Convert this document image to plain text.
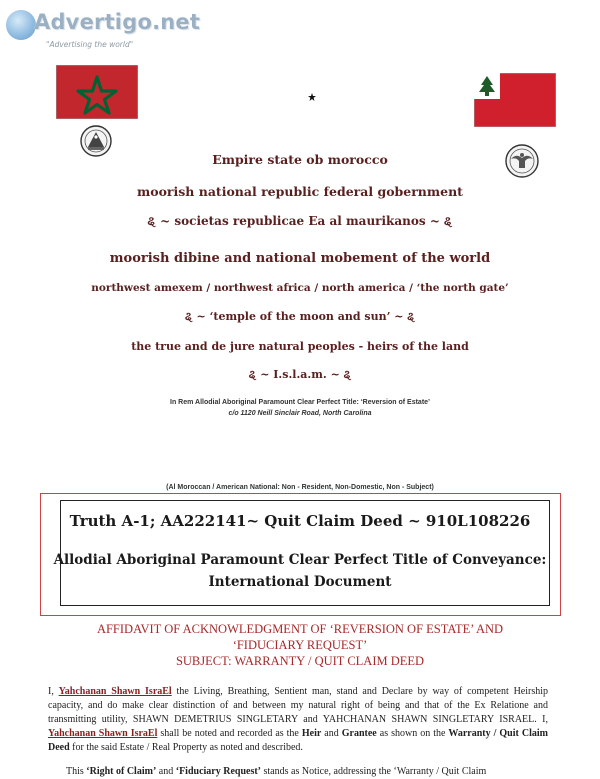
Advertigo.net
"Advertising the world"
Empire state ob morocco
moorish national republic federal gobernment
ୡ ~ societas republicae Ea al maurikanos ~ ୡ
moorish dibine and national mobement of the world
northwest amexem / northwest africa / north america / ‘the north gate’
ୡ ~ ‘temple of the moon and sun’ ~ ୡ
the true and de jure natural peoples - heirs of the land
ୡ ~ I.s.l.a.m. ~ ୡ
In Rem Allodial Aboriginal Paramount Clear Perfect Title: ‘Reversion of Estate’
c/o 1120 Neill Sinclair Road, North Carolina
(Al Moroccan / American National: Non - Resident, Non-Domestic, Non - Subject)
Truth A-1; AA222141~ Quit Claim Deed ~ 910L108226
Allodial Aboriginal Paramount Clear Perfect Title of Conveyance:
International Document
AFFIDAVIT OF ACKNOWLEDGMENT OF ‘REVERSION OF ESTATE’ AND
‘FIDUCIARY REQUEST’
SUBJECT: WARRANTY / QUIT CLAIM DEED
I, Yahchanan Shawn IsraEl the Living, Breathing, Sentient man, stand and Declare by way of competent Heirship capacity, and do make clear distinction of and between my natural right of being and that of the Ex Relatione and transmitting utility, SHAWN DEMETRIUS SINGLETARY and YAHCHANAN SHAWN SINGLETARY ISRAEL. I, Yahchanan Shawn IsraEl shall be noted and recorded as the Heir and Grantee as shown on the Warranty / Quit Claim Deed for the said Estate / Real Property as noted and described.
This ‘Right of Claim’ and ‘Fiduciary Request’ stands as Notice, addressing the ‘Warranty / Quit Claim
